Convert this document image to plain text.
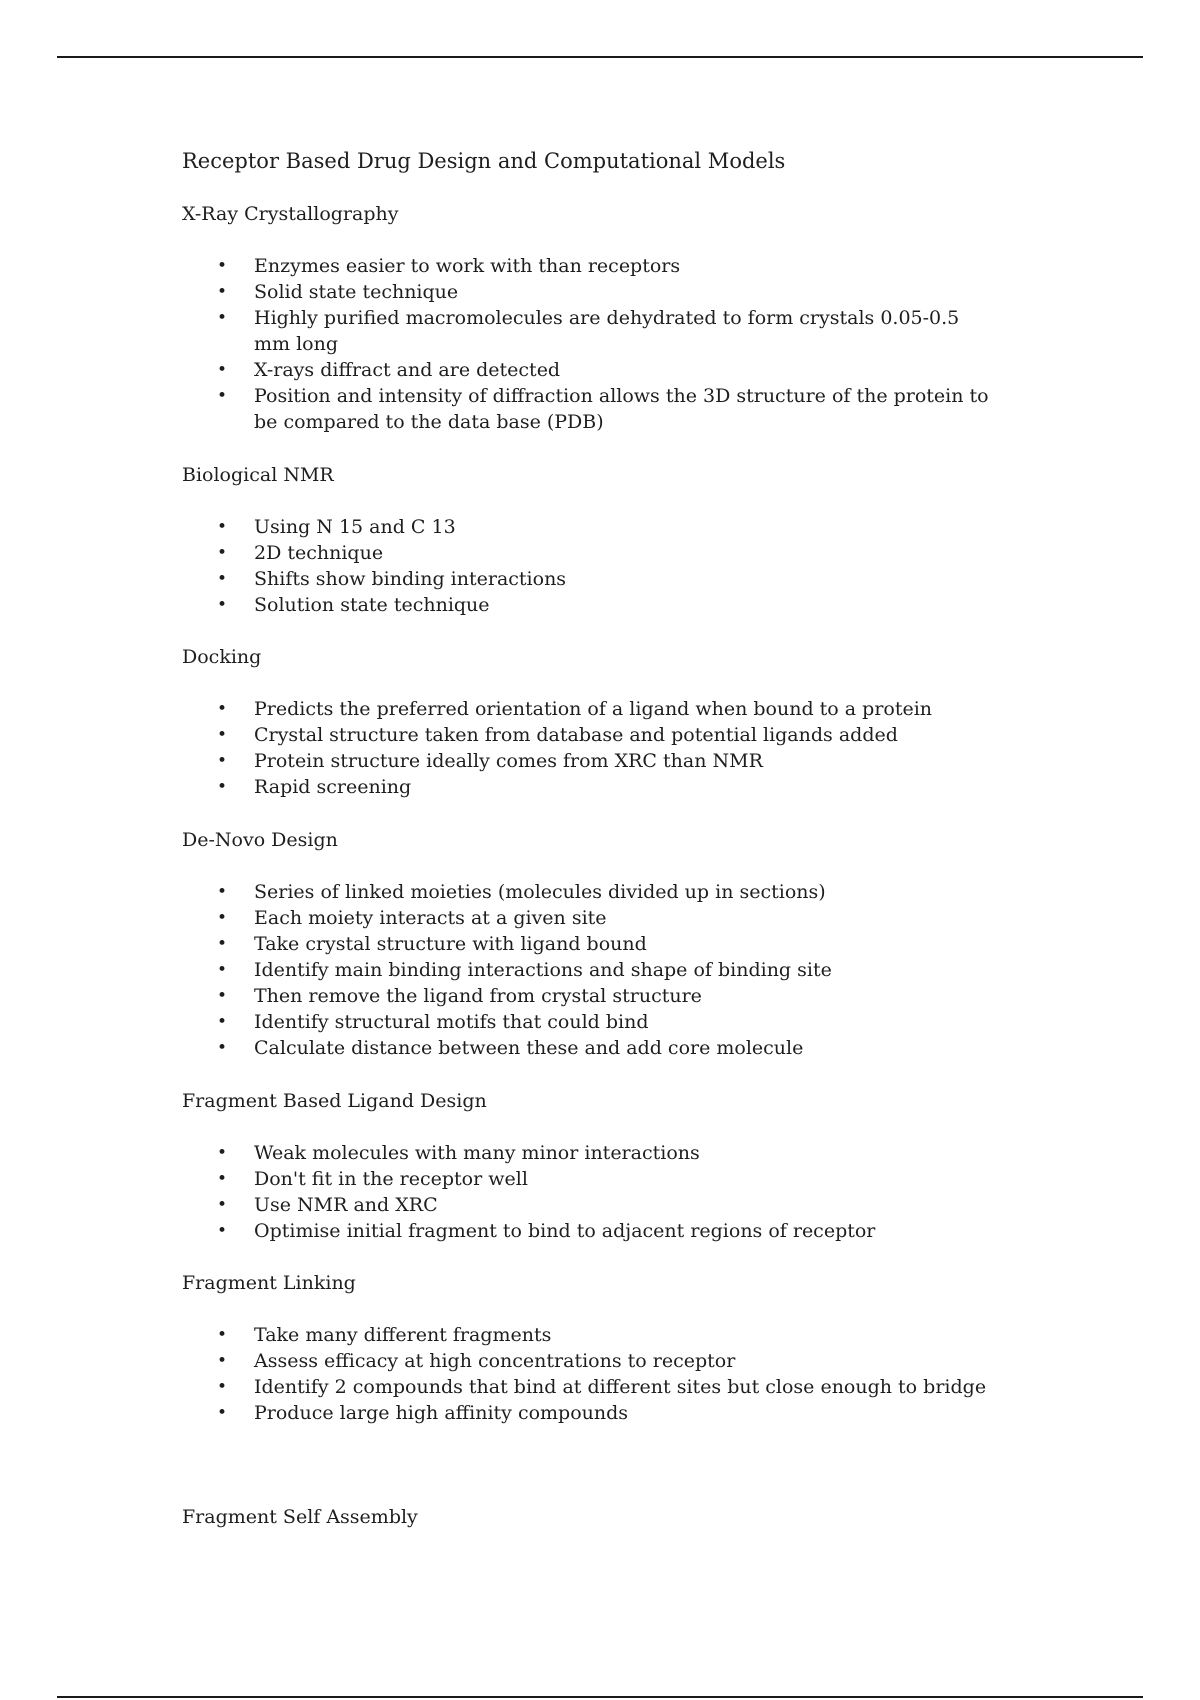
Receptor Based Drug Design and Computational Models
X-Ray Crystallography
• Enzymes easier to work with than receptors
• Solid state technique
• Highly purified macromolecules are dehydrated to form crystals 0.05-0.5 mm long
• X-rays diffract and are detected
• Position and intensity of diffraction allows the 3D structure of the protein to be compared to the data base (PDB)
Biological NMR
• Using N 15 and C 13
• 2D technique
• Shifts show binding interactions
• Solution state technique
Docking
• Predicts the preferred orientation of a ligand when bound to a protein
• Crystal structure taken from database and potential ligands added
• Protein structure ideally comes from XRC than NMR
• Rapid screening
De-Novo Design
• Series of linked moieties (molecules divided up in sections)
• Each moiety interacts at a given site
• Take crystal structure with ligand bound
• Identify main binding interactions and shape of binding site
• Then remove the ligand from crystal structure
• Identify structural motifs that could bind
• Calculate distance between these and add core molecule
Fragment Based Ligand Design
• Weak molecules with many minor interactions
• Don't fit in the receptor well
• Use NMR and XRC
• Optimise initial fragment to bind to adjacent regions of receptor
Fragment Linking
• Take many different fragments
• Assess efficacy at high concentrations to receptor
• Identify 2 compounds that bind at different sites but close enough to bridge
• Produce large high affinity compounds
Fragment Self Assembly
